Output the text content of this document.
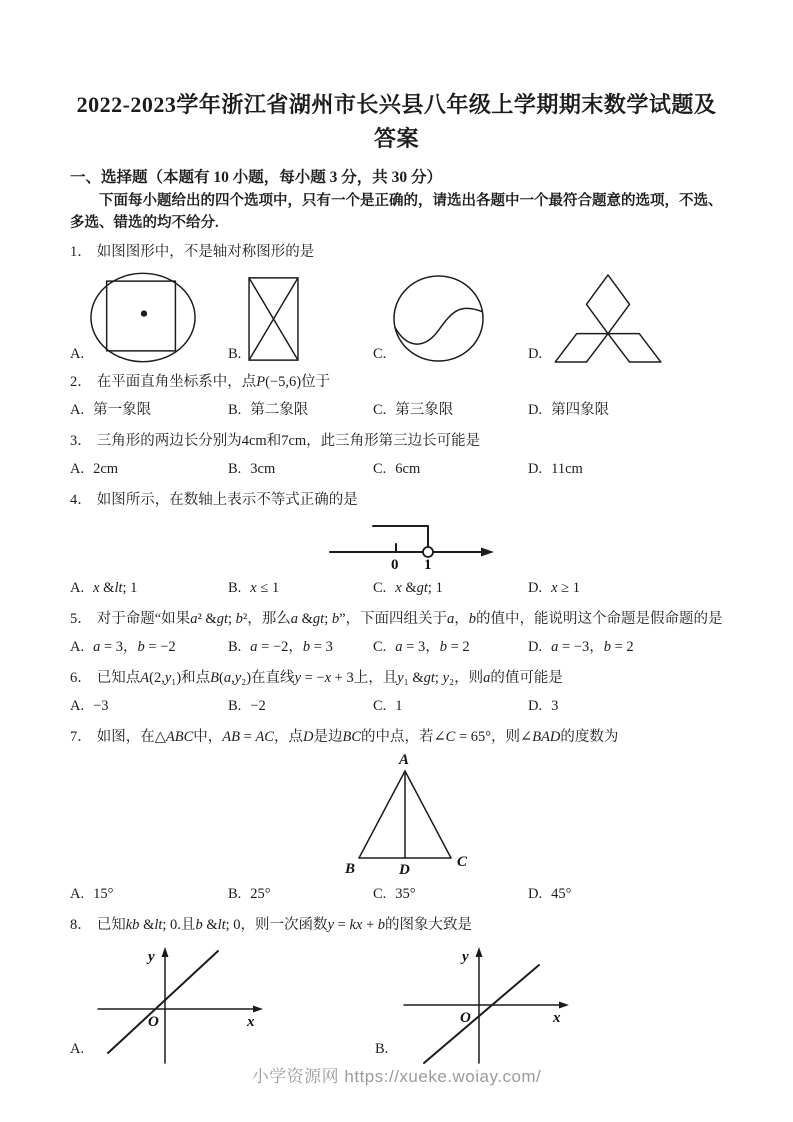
2022-2023学年浙江省湖州市长兴县八年级上学期期末数学试题及答案
一、选择题（本题有 10 小题，每小题 3 分，共 30 分）

下面每小题给出的四个选项中，只有一个是正确的，请选出各题中一个最符合题意的选项，不选、多选、错选的均不给分.

1． 如图图形中，不是轴对称图形的是
A.	B.	C.	D.
2． 在平面直角坐标系中，点P(−5,6)位于
A. 第一象限	B. 第二象限	C. 第三象限	D. 第四象限
3． 三角形的两边长分别为4cm和7cm，此三角形第三边长可能是
A. 2cm	B. 3cm	C. 6cm	D. 11cm
4． 如图所示，在数轴上表示不等式正确的是
0 1
A. x &lt; 1	B. x ≤ 1	C. x &gt; 1	D. x ≥ 1
5． 对于命题“如果a² &gt; b²，那么a &gt; b”，下面四组关于a，b的值中，能说明这个命题是假命题的是
A. a = 3，b = −2	B. a = −2，b = 3	C. a = 3，b = 2	D. a = −3，b = 2
6． 已知点A(2,y₁)和点B(a,y₂)在直线y = −x + 3上，且y₁ &gt; y₂，则a的值可能是
A. −3	B. −2	C. 1	D. 3
7． 如图，在△ABC中，AB = AC，点D是边BC的中点，若∠C = 65°，则∠BAD的度数为
A
B	C
D
A. 15°	B. 25°	C. 35°	D. 45°
8． 已知kb &lt; 0.且b &lt; 0，则一次函数y = kx + b的图象大致是
A.
y
x
O
B.
y
x
O
小学资源网 https://xueke.woiay.com/
